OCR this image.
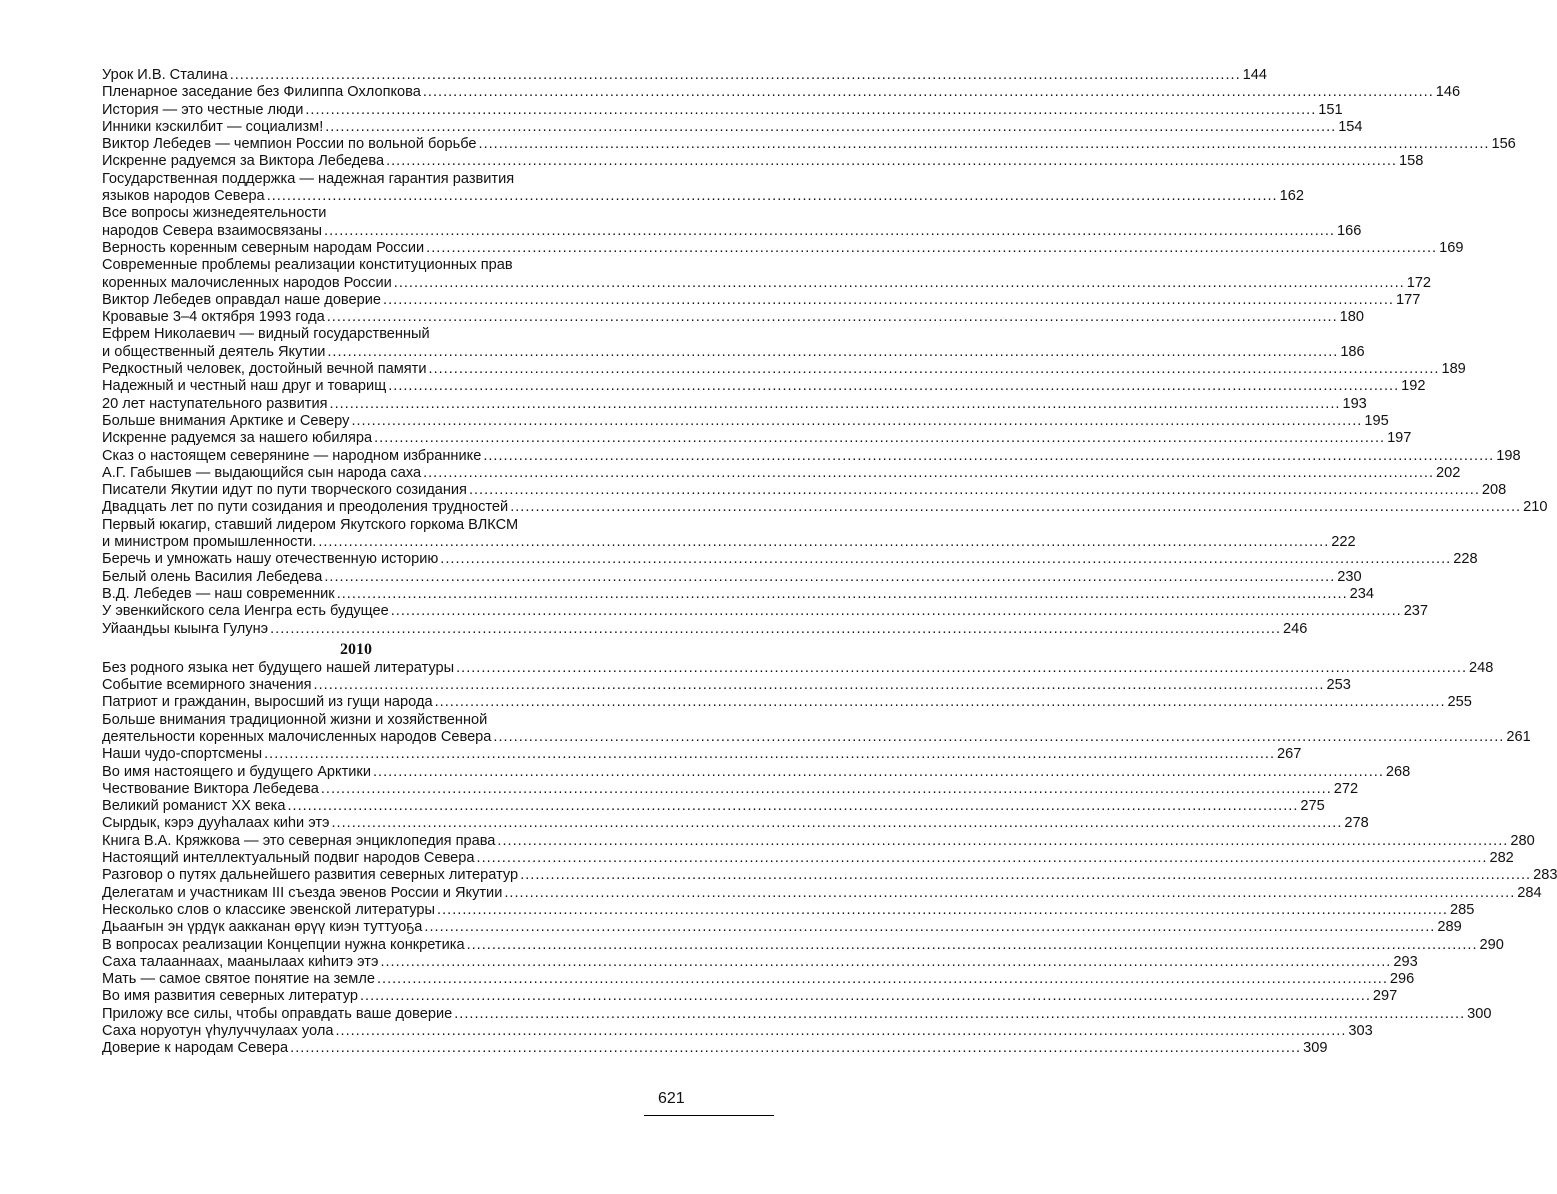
Урок И.В. Сталина ........................................................................................................................................................................................................ 144
Пленарное заседание без Филиппа Охлопкова ........................................................................................................................................................................................................ 146
История — это честные люди ........................................................................................................................................................................................................ 151
Инники кэскилбит — социализм! ........................................................................................................................................................................................................ 154
Виктор Лебедев — чемпион России по вольной борьбе ........................................................................................................................................................................................................ 156
Искренне радуемся за Виктора Лебедева ........................................................................................................................................................................................................ 158
Государственная поддержка — надежная гарантия развития
языков народов Севера ........................................................................................................................................................................................................ 162
Все вопросы жизнедеятельности
народов Севера взаимосвязаны ........................................................................................................................................................................................................ 166
Верность коренным северным народам России ........................................................................................................................................................................................................ 169
Современные проблемы реализации конституционных прав
коренных малочисленных народов России ........................................................................................................................................................................................................ 172
Виктор Лебедев оправдал наше доверие ........................................................................................................................................................................................................ 177
Кровавые 3–4 октября 1993 года ........................................................................................................................................................................................................ 180
Ефрем Николаевич — видный государственный
и общественный деятель Якутии ........................................................................................................................................................................................................ 186
Редкостный человек, достойный вечной памяти ........................................................................................................................................................................................................ 189
Надежный и честный наш друг и товарищ ........................................................................................................................................................................................................ 192
20 лет наступательного развития ........................................................................................................................................................................................................ 193
Больше внимания Арктике и Северу ........................................................................................................................................................................................................ 195
Искренне радуемся за нашего юбиляра ........................................................................................................................................................................................................ 197
Сказ о настоящем северянине — народном избраннике ........................................................................................................................................................................................................ 198
А.Г. Габышев — выдающийся сын народа саха ........................................................................................................................................................................................................ 202
Писатели Якутии идут по пути творческого созидания ........................................................................................................................................................................................................ 208
Двадцать лет по пути созидания и преодоления трудностей ........................................................................................................................................................................................................ 210
Первый юкагир, ставший лидером Якутского горкома ВЛКСМ
и министром промышленности. ........................................................................................................................................................................................................ 222
Беречь и умножать нашу отечественную историю ........................................................................................................................................................................................................ 228
Белый олень Василия Лебедева ........................................................................................................................................................................................................ 230
В.Д. Лебедев — наш современник ........................................................................................................................................................................................................ 234
У эвенкийского села Иенгра есть будущее ........................................................................................................................................................................................................ 237
Уйаандьы кыыҥа Гулунэ ........................................................................................................................................................................................................ 246
2010
Без родного языка нет будущего нашей литературы ........................................................................................................................................................................................................ 248
Событие всемирного значения ........................................................................................................................................................................................................ 253
Патриот и гражданин, выросший из гущи народа ........................................................................................................................................................................................................ 255
Больше внимания традиционной жизни и хозяйственной
деятельности коренных малочисленных народов Севера ........................................................................................................................................................................................................ 261
Наши чудо-спортсмены ........................................................................................................................................................................................................ 267
Во имя настоящего и будущего Арктики ........................................................................................................................................................................................................ 268
Чествование Виктора Лебедева ........................................................................................................................................................................................................ 272
Великий романист XX века ........................................................................................................................................................................................................ 275
Сырдык, кэрэ дууһалаах киһи этэ ........................................................................................................................................................................................................ 278
Книга В.А. Кряжкова — это северная энциклопедия права ........................................................................................................................................................................................................ 280
Настоящий интеллектуальный подвиг народов Севера ........................................................................................................................................................................................................ 282
Разговор о путях дальнейшего развития северных литератур ........................................................................................................................................................................................................ 283
Делегатам и участникам III съезда эвенов России и Якутии ........................................................................................................................................................................................................ 284
Несколько слов о классике эвенской литературы ........................................................................................................................................................................................................ 285
Дьааҥын эн үрдүк аакканан өрүү киэн туттуоҕа ........................................................................................................................................................................................................ 289
В вопросах реализации Концепции нужна конкретика ........................................................................................................................................................................................................ 290
Саха талааннаах, маанылаах киһитэ этэ ........................................................................................................................................................................................................ 293
Мать — самое святое понятие на земле ........................................................................................................................................................................................................ 296
Во имя развития северных литератур ........................................................................................................................................................................................................ 297
Приложу все силы, чтобы оправдать ваше доверие ........................................................................................................................................................................................................ 300
Саха норуотун үһулуччулаах уола ........................................................................................................................................................................................................ 303
Доверие к народам Севера ........................................................................................................................................................................................................ 309
621
